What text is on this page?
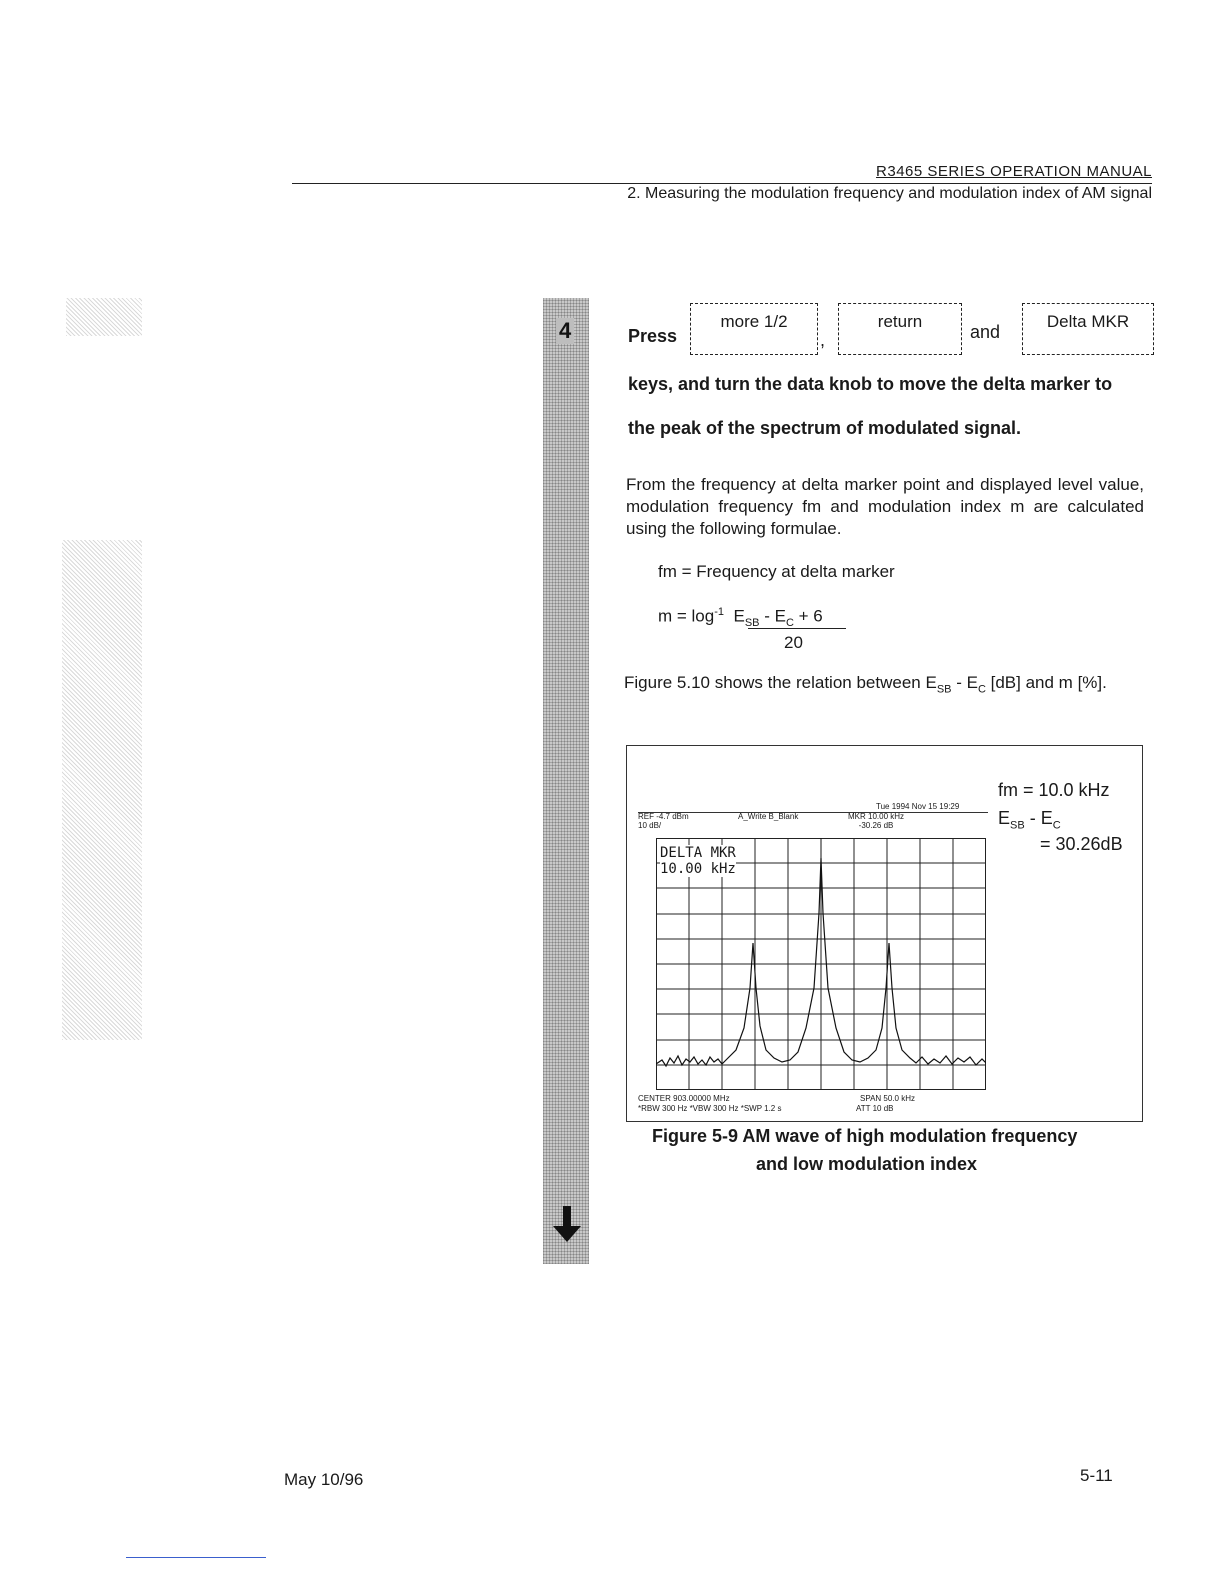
R3465 SERIES OPERATION MANUAL
2. Measuring the modulation frequency and modulation index of AM signal
4	Press
more 1/2
,
return
and
Delta MKR
keys, and turn the data knob to move the delta marker to
the peak of the spectrum of modulated signal.
From the frequency at delta marker point and displayed level value, modulation frequency fm and modulation index m are calculated using the following formulae.
fm = Frequency at delta marker
$m = \log^{-1} E_{SB} - E_C + 6$
20
Figure 5.10 shows the relation between $E_{SB} - E_C$ [dB] and m [%].
Tue 1994 Nov 15 19:29
REF -4.7 dBm
10 dB/
A_Write B_Blank	MKR 10.00 kHz
-30.26 dB
DELTA MKR
10.00 kHz
CENTER 903.00000 MHz	SPAN 50.0 kHz
*RBW 300 Hz *VBW 300 Hz *SWP 1.2 s	ATT 10 dB
fm = 10.0 kHz
$E_{SB} - E_C$
= 30.26dB
Figure 5-9 AM wave of high modulation frequency
and low modulation index
May 10/96	5-11
